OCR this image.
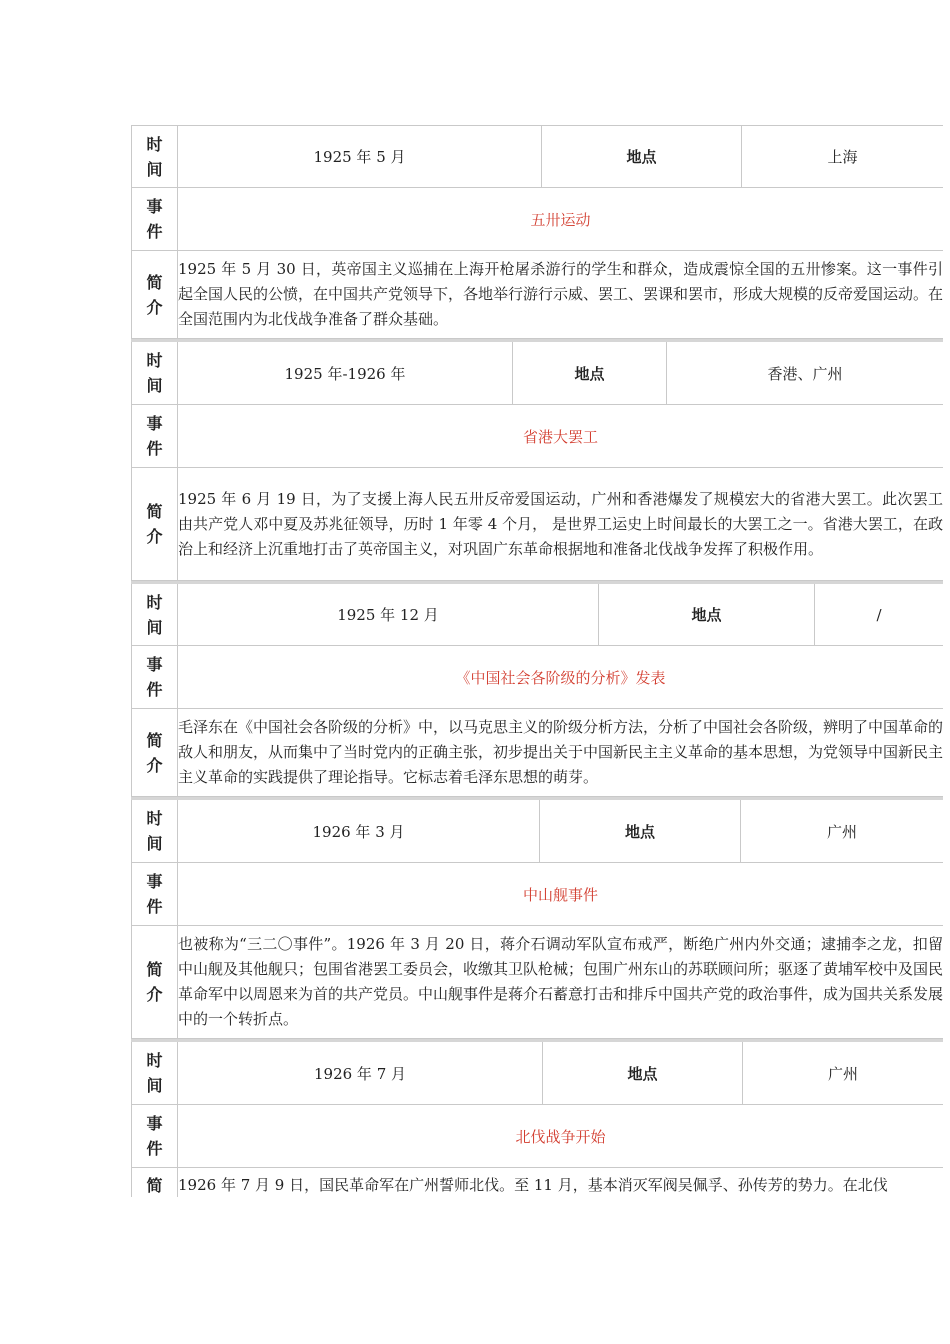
时间	1925 年 5 月	地点	上海

事件	五卅运动		

简介	1925 年 5 月 30 日，英帝国主义巡捕在上海开枪屠杀游行的学生和群众，造成震惊全国的五卅惨案。这一事件引起全国人民的公愤，在中国共产党领导下，各地举行游行示威、罢工、罢课和罢市，形成大规模的反帝爱国运动。在全国范围内为北伐战争准备了群众基础。		
时间	1925 年-1926 年	地点	香港、广州

事件	省港大罢工		

简介	1925 年 6 月 19 日，为了支援上海人民五卅反帝爱国运动，广州和香港爆发了规模宏大的省港大罢工。此次罢工由共产党人邓中夏及苏兆征领导，历时 1 年零 4 个月， 是世界工运史上时间最长的大罢工之一。省港大罢工，在政治上和经济上沉重地打击了英帝国主义，对巩固广东革命根据地和准备北伐战争发挥了积极作用。		
时间	1925 年 12 月	地点	/

事件	《中国社会各阶级的分析》发表		

简介	毛泽东在《中国社会各阶级的分析》中，以马克思主义的阶级分析方法，分析了中国社会各阶级，辨明了中国革命的敌人和朋友，从而集中了当时党内的正确主张，初步提出关于中国新民主主义革命的基本思想，为党领导中国新民主主义革命的实践提供了理论指导。它标志着毛泽东思想的萌芽。		
时间	1926 年 3 月	地点	广州

事件	中山舰事件		

简介	也被称为“三二〇事件”。1926 年 3 月 20 日，蒋介石调动军队宣布戒严，断绝广州内外交通；逮捕李之龙，扣留中山舰及其他舰只；包围省港罢工委员会，收缴其卫队枪械；包围广州东山的苏联顾问所；驱逐了黄埔军校中及国民革命军中以周恩来为首的共产党员。中山舰事件是蒋介石蓄意打击和排斥中国共产党的政治事件，成为国共关系发展中的一个转折点。		
时间	1926 年 7 月	地点	广州

事件	北伐战争开始		

简	1926 年 7 月 9 日，国民革命军在广州誓师北伐。至 11 月，基本消灭军阀吴佩孚、孙传芳的势力。在北伐		
